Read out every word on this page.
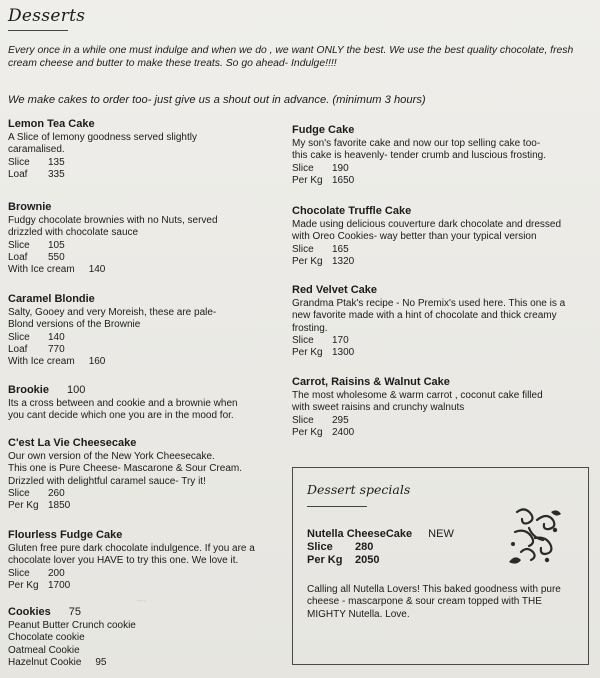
Desserts
Every once in a while one must indulge and when we do , we want ONLY the best. We use the best quality chocolate, fresh cream cheese and butter to make these treats. So go ahead- Indulge!!!!
We make cakes to order too- just give us a shout out in advance. (minimum 3 hours)
Lemon Tea Cake
A Slice of lemony goodness served slightly
caramalised.
Slice 135
Loaf 335
Brownie
Fudgy chocolate brownies with no Nuts, served
drizzled with chocolate sauce
Slice 105
Loaf 550
With Ice cream 140
Caramel Blondie
Salty, Gooey and very Moreish, these are pale-
Blond versions of the Brownie
Slice 140
Loaf 770
With Ice cream 160
Brookie 100
Its a cross between and cookie and a brownie when
you cant decide which one you are in the mood for.
C'est La Vie Cheesecake
Our own version of the New York Cheesecake.
This one is Pure Cheese- Mascarone & Sour Cream.
Drizzled with delightful caramel sauce- Try it!
Slice 260
Per Kg 1850
Flourless Fudge Cake
Gluten free pure dark chocolate indulgence. If you are a
chocolate lover you HAVE to try this one. We love it.
Slice 200
Per Kg 1700
Cookies 75
Peanut Butter Crunch cookie
Chocolate cookie
Oatmeal Cookie
Hazelnut Cookie 95
Fudge Cake
My son's favorite cake and now our top selling cake too-
this cake is heavenly- tender crumb and luscious frosting.
Slice 190
Per Kg 1650
Chocolate Truffle Cake
Made using delicious couverture dark chocolate and dressed
with Oreo Cookies- way better than your typical version
Slice 165
Per Kg 1320
Red Velvet Cake
Grandma Ptak's recipe - No Premix's used here. This one is a
new favorite made with a hint of chocolate and thick creamy
frosting.
Slice 170
Per Kg 1300
Carrot, Raisins & Walnut Cake
The most wholesome & warm carrot , coconut cake filled
with sweet raisins and crunchy walnuts
Slice 295
Per Kg 2400
······
Dessert specials
Nutella CheeseCake NEW
Slice 280
Per Kg 2050
Calling all Nutella Lovers! This baked goodness with pure cheese - mascarpone & sour cream topped with THE MIGHTY Nutella. Love.
